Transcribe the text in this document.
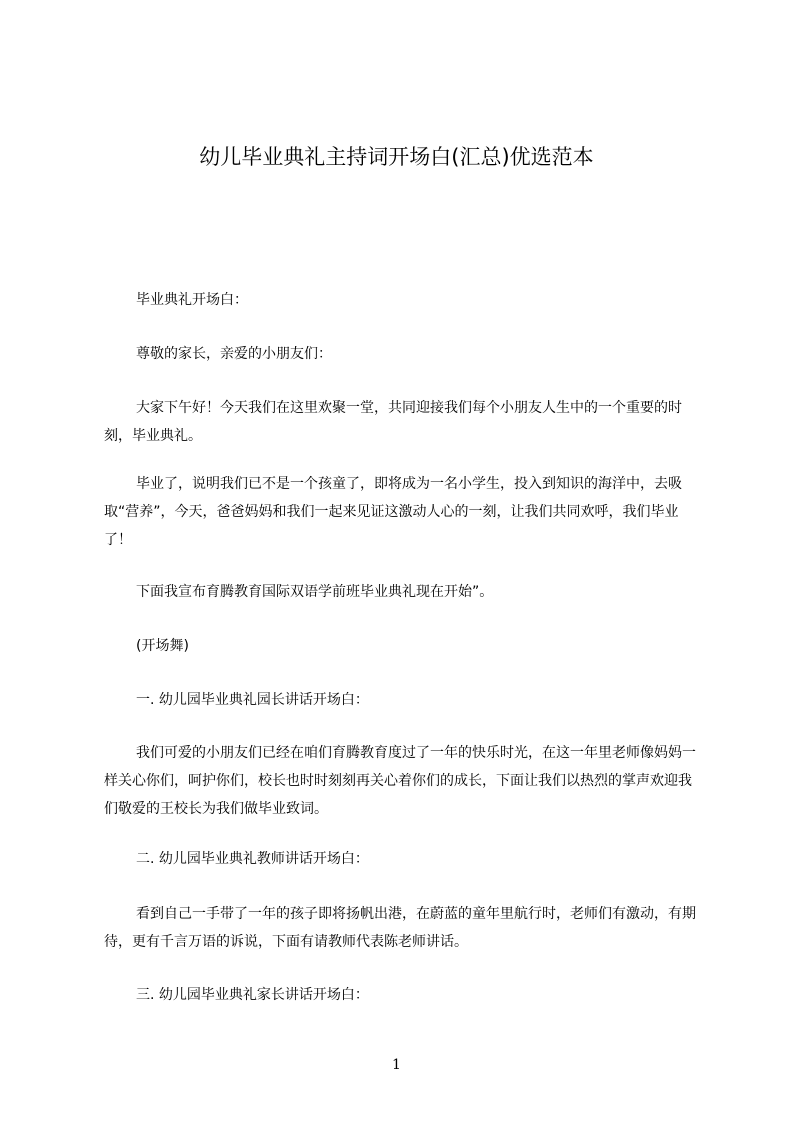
幼儿毕业典礼主持词开场白(汇总)优选范本

毕业典礼开场白：

尊敬的家长，亲爱的小朋友们：

大家下午好！今天我们在这里欢聚一堂，共同迎接我们每个小朋友人生中的一个重要的时刻，毕业典礼。

毕业了，说明我们已不是一个孩童了，即将成为一名小学生，投入到知识的海洋中，去吸取“营养”，今天，爸爸妈妈和我们一起来见证这激动人心的一刻，让我们共同欢呼，我们毕业了！

下面我宣布育腾教育国际双语学前班毕业典礼现在开始”。

(开场舞)

一. 幼儿园毕业典礼园长讲话开场白：

我们可爱的小朋友们已经在咱们育腾教育度过了一年的快乐时光，在这一年里老师像妈妈一样关心你们，呵护你们，校长也时时刻刻再关心着你们的成长，下面让我们以热烈的掌声欢迎我们敬爱的王校长为我们做毕业致词。

二. 幼儿园毕业典礼教师讲话开场白：

看到自己一手带了一年的孩子即将扬帆出港，在蔚蓝的童年里航行时，老师们有激动，有期待，更有千言万语的诉说，下面有请教师代表陈老师讲话。

三. 幼儿园毕业典礼家长讲话开场白：

1
